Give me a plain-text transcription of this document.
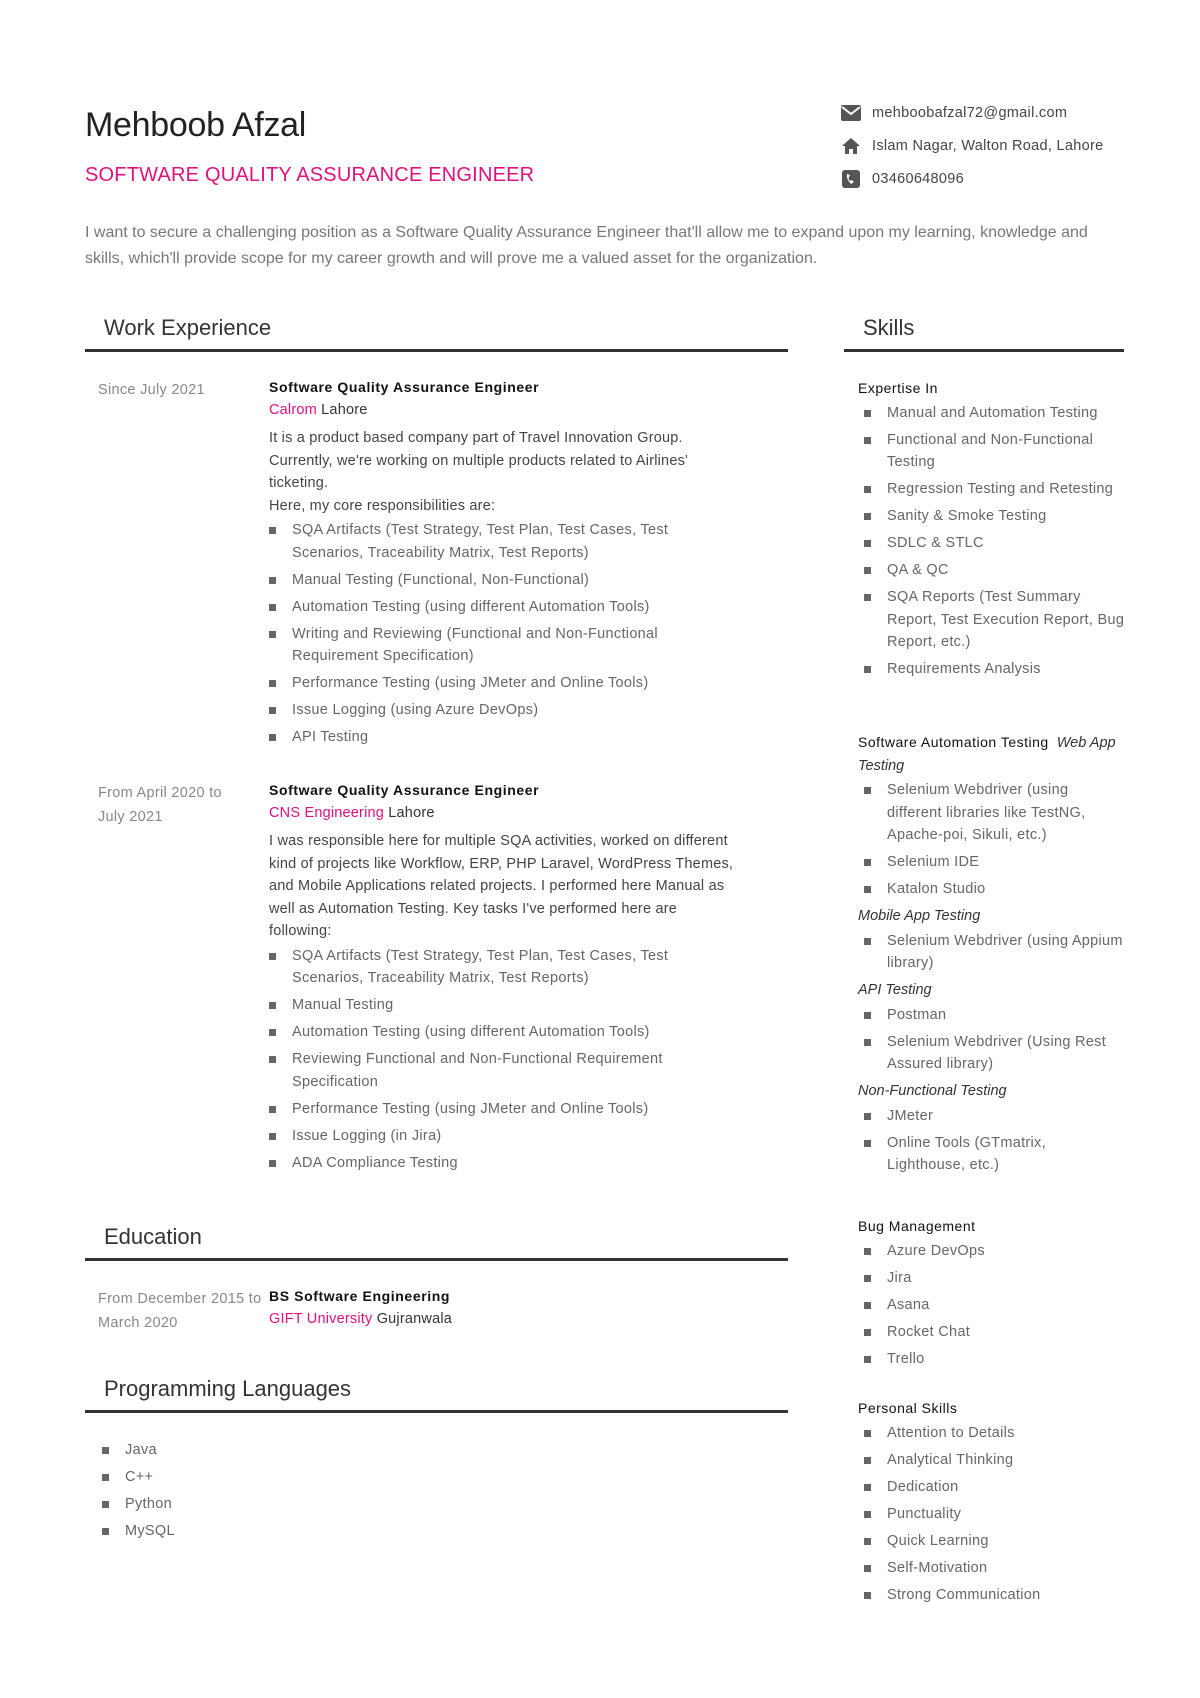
Mehboob Afzal
SOFTWARE QUALITY ASSURANCE ENGINEER
mehboobafzal72@gmail.com
Islam Nagar, Walton Road, Lahore
03460648096
I want to secure a challenging position as a Software Quality Assurance Engineer that'll allow me to expand upon my learning, knowledge and skills, which'll provide scope for my career growth and will prove me a valued asset for the organization.
Work Experience
Since July 2021	Software Quality Assurance Engineer
Calrom Lahore
It is a product based company part of Travel Innovation Group. Currently, we're working on multiple products related to Airlines' ticketing.
Here, my core responsibilities are:
SQA Artifacts (Test Strategy, Test Plan, Test Cases, Test Scenarios, Traceability Matrix, Test Reports)
Manual Testing (Functional, Non-Functional)
Automation Testing (using different Automation Tools)
Writing and Reviewing (Functional and Non-Functional Requirement Specification)
Performance Testing (using JMeter and Online Tools)
Issue Logging (using Azure DevOps)
API Testing
From April 2020 to July 2021
Software Quality Assurance Engineer
CNS Engineering Lahore
I was responsible here for multiple SQA activities, worked on different kind of projects like Workflow, ERP, PHP Laravel, WordPress Themes, and Mobile Applications related projects. I performed here Manual as well as Automation Testing. Key tasks I've performed here are following:
SQA Artifacts (Test Strategy, Test Plan, Test Cases, Test Scenarios, Traceability Matrix, Test Reports)
Manual Testing
Automation Testing (using different Automation Tools)
Reviewing Functional and Non-Functional Requirement Specification
Performance Testing (using JMeter and Online Tools)
Issue Logging (in Jira)
ADA Compliance Testing
Education
From December 2015 to March 2020
BS Software Engineering
GIFT University Gujranwala
Programming Languages
Java
C++
Python
MySQL
Skills
Expertise In
Manual and Automation Testing
Functional and Non-Functional Testing
Regression Testing and Retesting
Sanity & Smoke Testing
SDLC & STLC
QA & QC
SQA Reports (Test Summary Report, Test Execution Report, Bug Report, etc.)
Requirements Analysis
Software Automation Testing Web App Testing
Selenium Webdriver (using different libraries like TestNG, Apache-poi, Sikuli, etc.)
Selenium IDE
Katalon Studio
Mobile App Testing
Selenium Webdriver (using Appium library)
API Testing
Postman
Selenium Webdriver (Using Rest Assured library)
Non-Functional Testing
JMeter
Online Tools (GTmatrix, Lighthouse, etc.)
Bug Management
Azure DevOps
Jira
Asana
Rocket Chat
Trello
Personal Skills
Attention to Details
Analytical Thinking
Dedication
Punctuality
Quick Learning
Self-Motivation
Strong Communication
